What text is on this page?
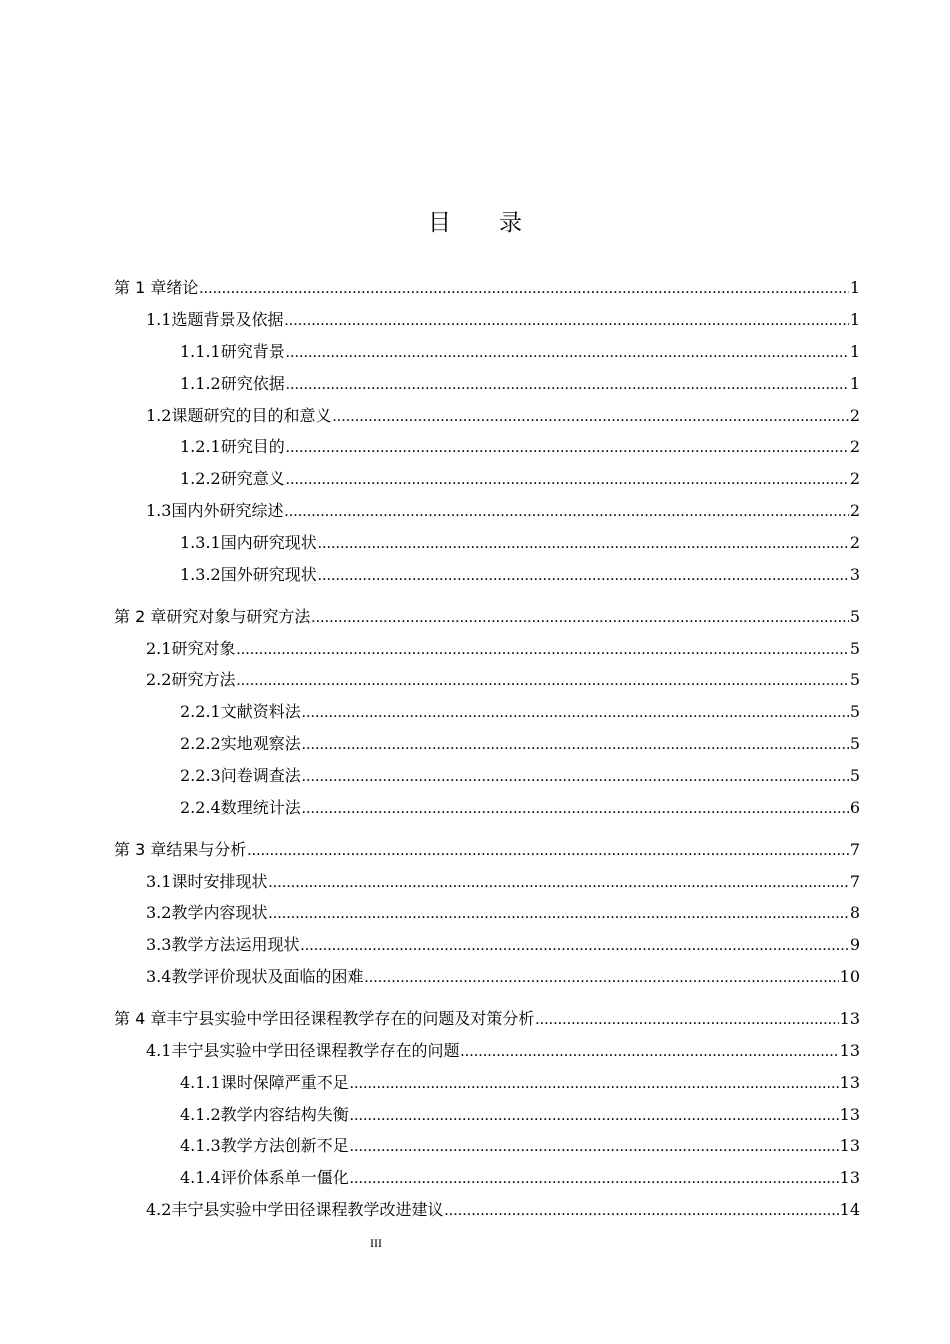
目 录
第 1 章 绪论 .....	1
1.1 选题背景及依据 .....	1
1.1.1 研究背景 .....	1
1.1.2 研究依据 .....	1
1.2 课题研究的目的和意义 .....	2
1.2.1 研究目的 .....	2
1.2.2 研究意义 .....	2
1.3 国内外研究综述 .....	2
1.3.1 国内研究现状 .....	2
1.3.2 国外研究现状 .....	3
第 2 章 研究对象与研究方法 .....	5
2.1 研究对象 .....	5
2.2 研究方法 .....	5
2.2.1 文献资料法 .....	5
2.2.2 实地观察法 .....	5
2.2.3 问卷调查法 .....	5
2.2.4 数理统计法 .....	6
第 3 章 结果与分析 .....	7
3.1 课时安排现状 .....	7
3.2 教学内容现状 .....	8
3.3 教学方法运用现状 .....	9
3.4 教学评价现状及面临的困难 .....	10
第 4 章 丰宁县实验中学田径课程教学存在的问题及对策分析 .....	13
4.1 丰宁县实验中学田径课程教学存在的问题 .....	13
4.1.1 课时保障严重不足 .....	13
4.1.2 教学内容结构失衡 .....	13
4.1.3 教学方法创新不足 .....	13
4.1.4 评价体系单一僵化 .....	13
4.2 丰宁县实验中学田径课程教学改进建议 .....	14
III
